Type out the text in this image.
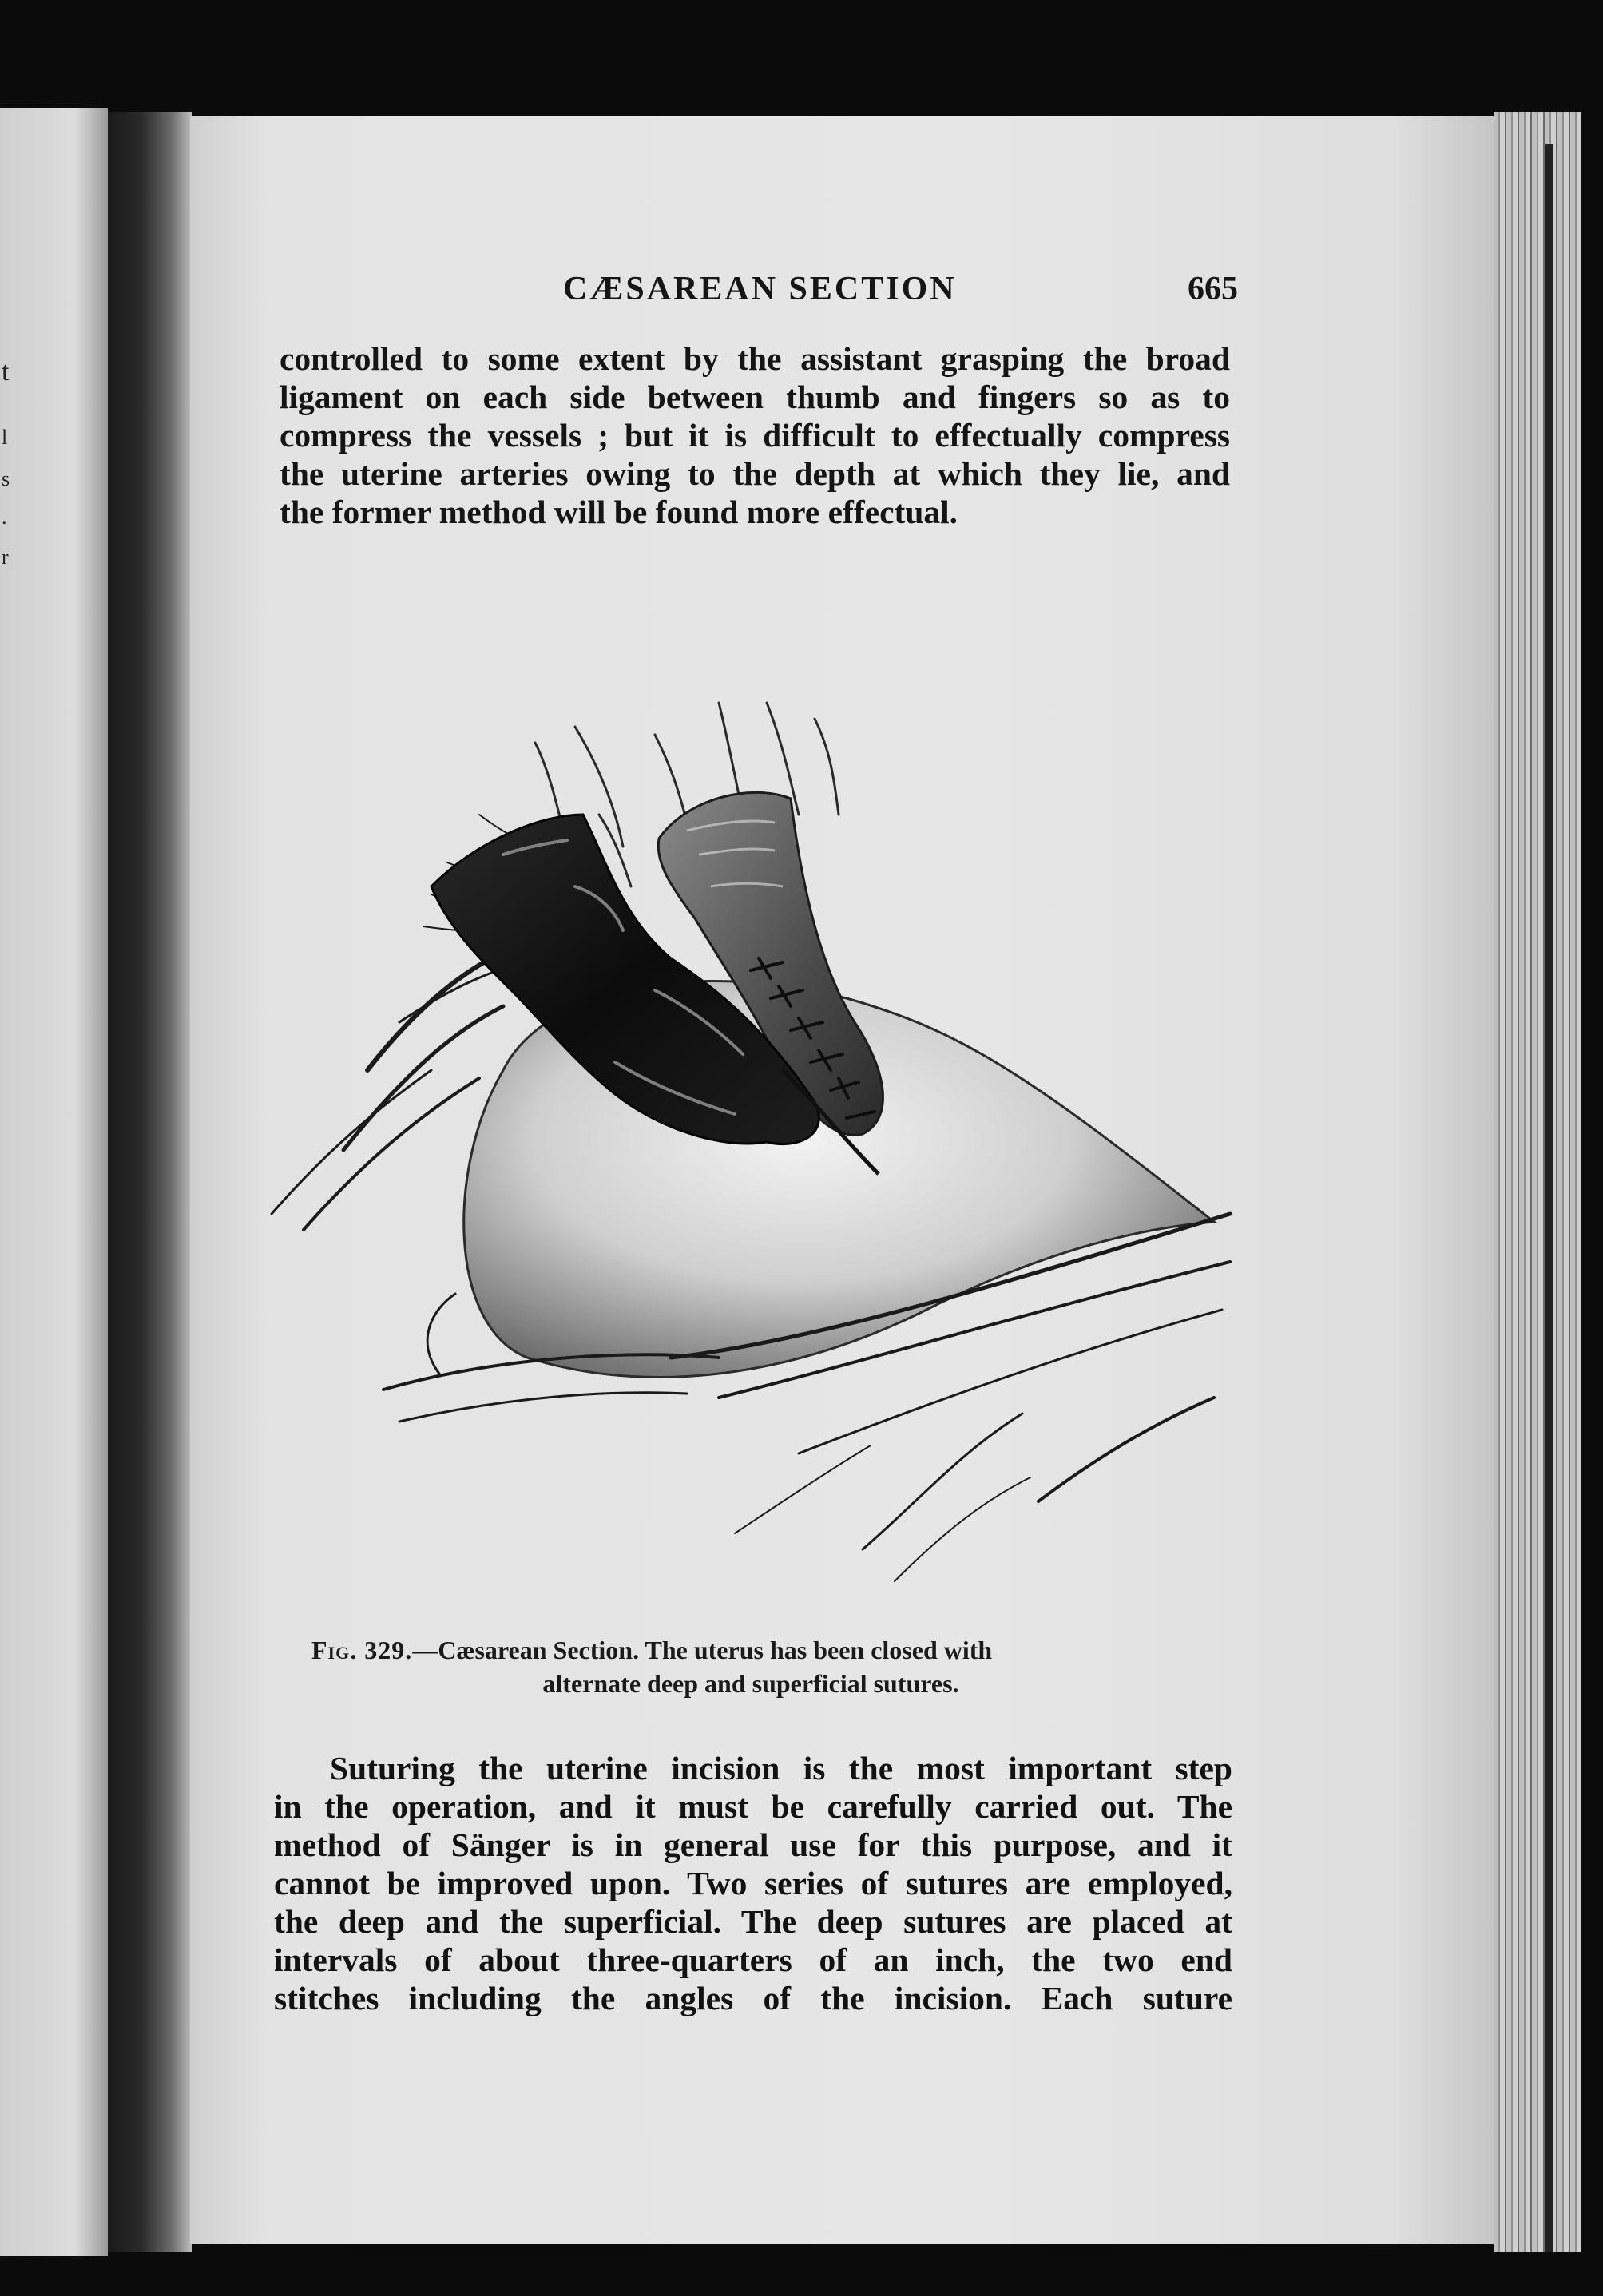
t
l
s
.
r
CÆSAREAN SECTION	665
controlled to some extent by the assistant grasping the broad
ligament on each side between thumb and fingers so as to
compress the vessels ; but it is difficult to effectually compress
the uterine arteries owing to the depth at which they lie, and
the former method will be found more effectual.
Fig. 329.—Cæsarean Section. The uterus has been closed with
alternate deep and superficial sutures.
Suturing the uterine incision is the most important step
in the operation, and it must be carefully carried out. The
method of Sänger is in general use for this purpose, and it
cannot be improved upon. Two series of sutures are employed,
the deep and the superficial. The deep sutures are placed at
intervals of about three-quarters of an inch, the two end
stitches including the angles of the incision. Each suture
